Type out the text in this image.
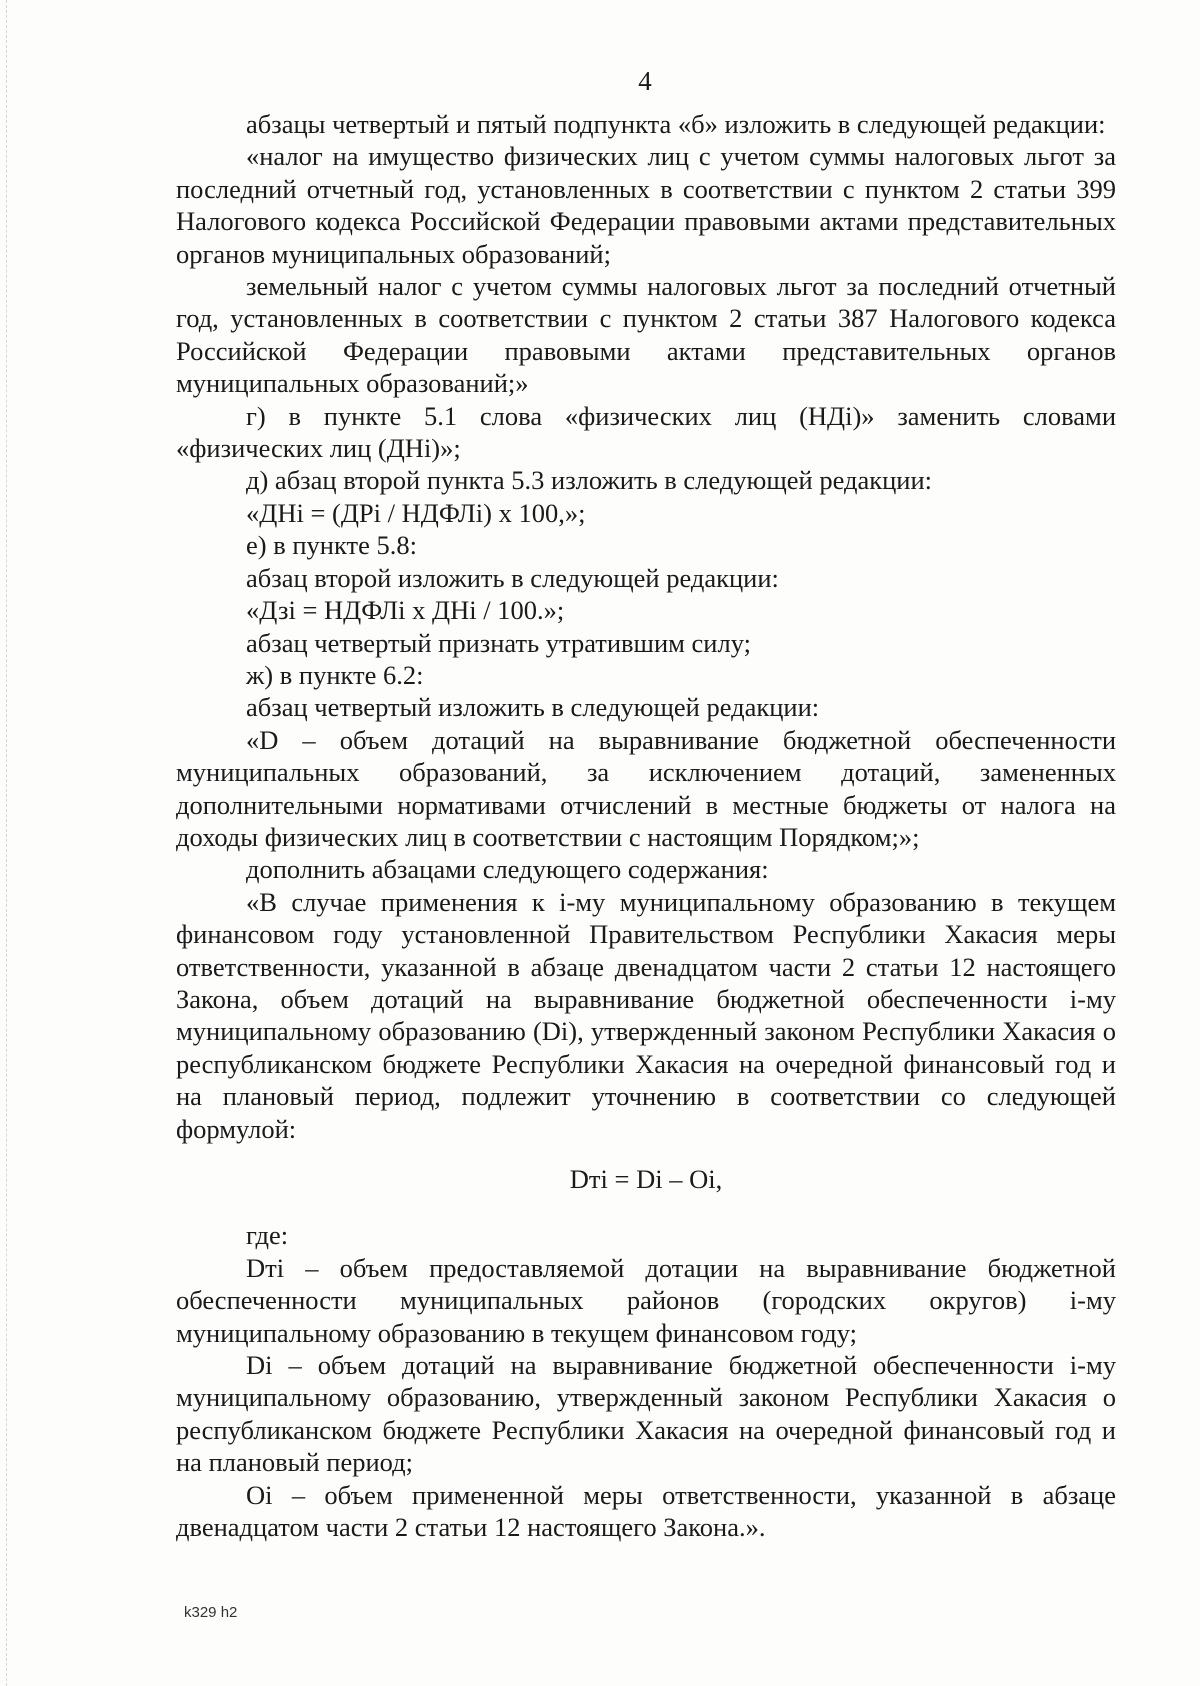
4

абзацы четвертый и пятый подпункта «б» изложить в следующей редакции:

«налог на имущество физических лиц с учетом суммы налоговых льгот за последний отчетный год, установленных в соответствии с пунктом 2 статьи 399 Налогового кодекса Российской Федерации правовыми актами представительных органов муниципальных образований;

земельный налог с учетом суммы налоговых льгот за последний отчетный год, установленных в соответствии с пунктом 2 статьи 387 Налогового кодекса Российской Федерации правовыми актами представительных органов муниципальных образований;»

г) в пункте 5.1 слова «физических лиц (НДi)» заменить словами «физических лиц (ДНi)»;

д) абзац второй пункта 5.3 изложить в следующей редакции:

«ДНi = (ДРi / НДФЛi) x 100,»;

е) в пункте 5.8:

абзац второй изложить в следующей редакции:

«Дзi = НДФЛi x ДНi / 100.»;

абзац четвертый признать утратившим силу;

ж) в пункте 6.2:

абзац четвертый изложить в следующей редакции:

«D – объем дотаций на выравнивание бюджетной обеспеченности муниципальных образований, за исключением дотаций, замененных дополнительными нормативами отчислений в местные бюджеты от налога на доходы физических лиц в соответствии с настоящим Порядком;»;

дополнить абзацами следующего содержания:

«В случае применения к i-му муниципальному образованию в текущем финансовом году установленной Правительством Республики Хакасия меры ответственности, указанной в абзаце двенадцатом части 2 статьи 12 настоящего Закона, объем дотаций на выравнивание бюджетной обеспеченности i-му муниципальному образованию (Di), утвержденный законом Республики Хакасия о республиканском бюджете Республики Хакасия на очередной финансовый год и на плановый период, подлежит уточнению в соответствии со следующей формулой:

Dтi = Di – Oi,

где:

Dтi – объем предоставляемой дотации на выравнивание бюджетной обеспеченности муниципальных районов (городских округов) i-му муниципальному образованию в текущем финансовом году;

Di – объем дотаций на выравнивание бюджетной обеспеченности i-му муниципальному образованию, утвержденный законом Республики Хакасия о республиканском бюджете Республики Хакасия на очередной финансовый год и на плановый период;

Oi – объем примененной меры ответственности, указанной в абзаце двенадцатом части 2 статьи 12 настоящего Закона.».

k329 h2
